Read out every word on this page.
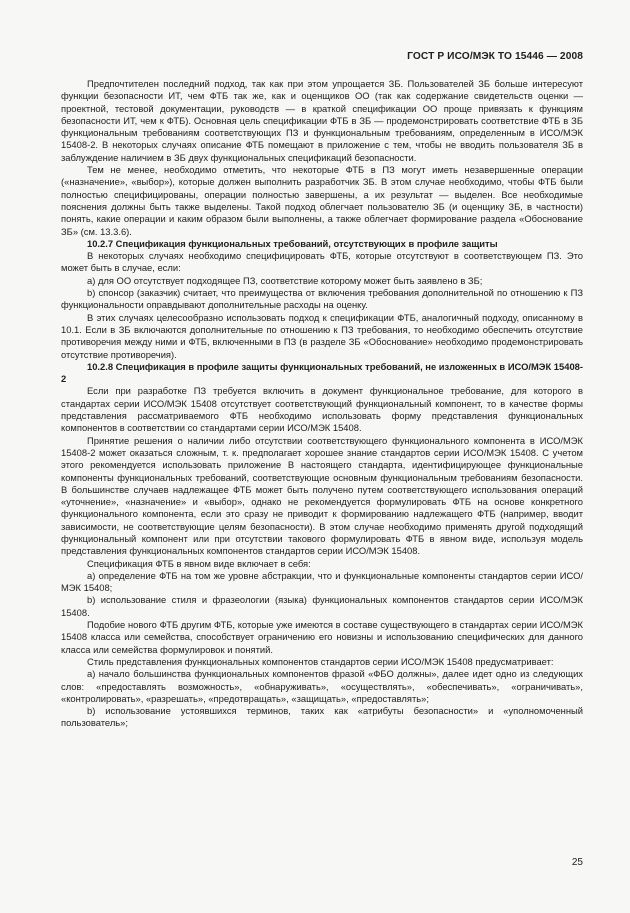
ГОСТ Р ИСО/МЭК ТО 15446 — 2008

Предпочтителен последний подход, так как при этом упрощается ЗБ. Пользователей ЗБ больше интересуют функции безопасности ИТ, чем ФТБ так же, как и оценщиков ОО (так как содержание свидетельств оценки — проектной, тестовой документации, руководств — в краткой спецификации ОО проще привязать к функциям безопасности ИТ, чем к ФТБ). Основная цель спецификации ФТБ в ЗБ — продемонстрировать соответствие ФТБ в ЗБ функциональным требованиям соответствующих ПЗ и функциональным требованиям, определенным в ИСО/МЭК 15408-2. В некоторых случаях описание ФТБ помещают в приложение с тем, чтобы не вводить пользователя ЗБ в заблуждение наличием в ЗБ двух функциональных спецификаций безопасности.

Тем не менее, необходимо отметить, что некоторые ФТБ в ПЗ могут иметь незавершенные операции («назначение», «выбор»), которые должен выполнить разработчик ЗБ. В этом случае необходимо, чтобы ФТБ были полностью специфицированы, операции полностью завершены, а их результат — выделен. Все необходимые пояснения должны быть также выделены. Такой подход облегчает пользователю ЗБ (и оценщику ЗБ, в частности) понять, какие операции и каким образом были выполнены, а также облегчает формирование раздела «Обоснование ЗБ» (см. 13.3.6).

10.2.7 Спецификация функциональных требований, отсутствующих в профиле защиты

В некоторых случаях необходимо специфицировать ФТБ, которые отсутствуют в соответствующем ПЗ. Это может быть в случае, если:

а) для ОО отсутствует подходящее ПЗ, соответствие которому может быть заявлено в ЗБ;

b) спонсор (заказчик) считает, что преимущества от включения требования дополнительной по отношению к ПЗ функциональности оправдывают дополнительные расходы на оценку.

В этих случаях целесообразно использовать подход к спецификации ФТБ, аналогичный подходу, описанному в 10.1. Если в ЗБ включаются дополнительные по отношению к ПЗ требования, то необходимо обеспечить отсутствие противоречия между ними и ФТБ, включенными в ПЗ (в разделе ЗБ «Обоснование» необходимо продемонстрировать отсутствие противоречия).

10.2.8 Спецификация в профиле защиты функциональных требований, не изложенных в ИСО/МЭК 15408-2

Если при разработке ПЗ требуется включить в документ функциональное требование, для которого в стандартах серии ИСО/МЭК 15408 отсутствует соответствующий функциональный компонент, то в качестве формы представления рассматриваемого ФТБ необходимо использовать форму представления функциональных компонентов в соответствии со стандартами серии ИСО/МЭК 15408.

Принятие решения о наличии либо отсутствии соответствующего функционального компонента в ИСО/МЭК 15408-2 может оказаться сложным, т. к. предполагает хорошее знание стандартов серии ИСО/МЭК 15408. С учетом этого рекомендуется использовать приложение В настоящего стандарта, идентифицирующее функциональные компоненты функциональных требований, соответствующие основным функциональным требованиям безопасности. В большинстве случаев надлежащее ФТБ может быть получено путем соответствующего использования операций «уточнение», «назначение» и «выбор», однако не рекомендуется формулировать ФТБ на основе конкретного функционального компонента, если это сразу не приводит к формированию надлежащего ФТБ (например, вводит зависимости, не соответствующие целям безопасности). В этом случае необходимо применять другой подходящий функциональный компонент или при отсутствии такового формулировать ФТБ в явном виде, используя модель представления функциональных компонентов стандартов серии ИСО/МЭК 15408.

Спецификация ФТБ в явном виде включает в себя:

а) определение ФТБ на том же уровне абстракции, что и функциональные компоненты стандартов серии ИСО/МЭК 15408;

b) использование стиля и фразеологии (языка) функциональных компонентов стандартов серии ИСО/МЭК 15408.

Подобие нового ФТБ другим ФТБ, которые уже имеются в составе существующего в стандартах серии ИСО/МЭК 15408 класса или семейства, способствует ограничению его новизны и использованию специфических для данного класса или семейства формулировок и понятий.

Стиль представления функциональных компонентов стандартов серии ИСО/МЭК 15408 предусматривает:

а) начало большинства функциональных компонентов фразой «ФБО должны», далее идет одно из следующих слов: «предоставлять возможность», «обнаруживать», «осуществлять», «обеспечивать», «ограничивать», «контролировать», «разрешать», «предотвращать», «защищать», «предоставлять»;

b) использование устоявшихся терминов, таких как «атрибуты безопасности» и «уполномоченный пользователь»;

25
